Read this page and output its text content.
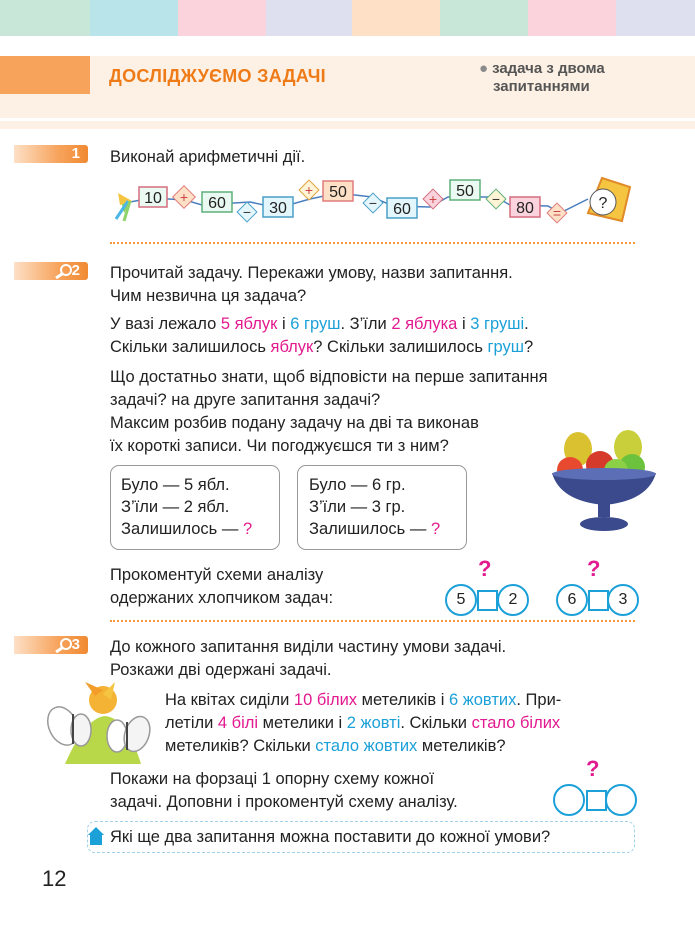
ДОСЛІДЖУЄМО ЗАДАЧІ	● задача з двома
запитаннями
1 Виконай арифметичні дії.
10 + 60 − 30
+ 50
− 60
+ 50 −
80 =
?
2 Прочитай задачу. Перекажи умову, назви запитання.
Чим незвична ця задача?
У вазі лежало 5 яблук і 6 груш. З’їли 2 яблука і 3 груші.
Скільки залишилось яблук? Скільки залишилось груш?
Що достатньо знати, щоб відповісти на перше запитання
задачі? на друге запитання задачі?
Максим розбив подану задачу на дві та виконав
їх короткі записи. Чи погоджуєшся ти з ним?
Було — 5 ябл.
З’їли — 2 ябл.
Залишилось — ?
Було — 6 гр.
З’їли — 3 гр.
Залишилось — ?
Прокоментуй схеми аналізу
одержаних хлопчиком задач:
?
5	2
?
6	3
3 До кожного запитання виділи частину умови задачі.
Розкажи дві одержані задачі.
На квітах сиділи 10 білих метеликів і 6 жовтих. При-
летіли 4 білі метелики і 2 жовті. Скільки стало білих
метеликів? Скільки стало жовтих метеликів?
Покажи на форзаці 1 опорну схему кожної
задачі. Доповни і прокоментуй схему аналізу.
?
Які ще два запитання можна поставити до кожної умови?
12
